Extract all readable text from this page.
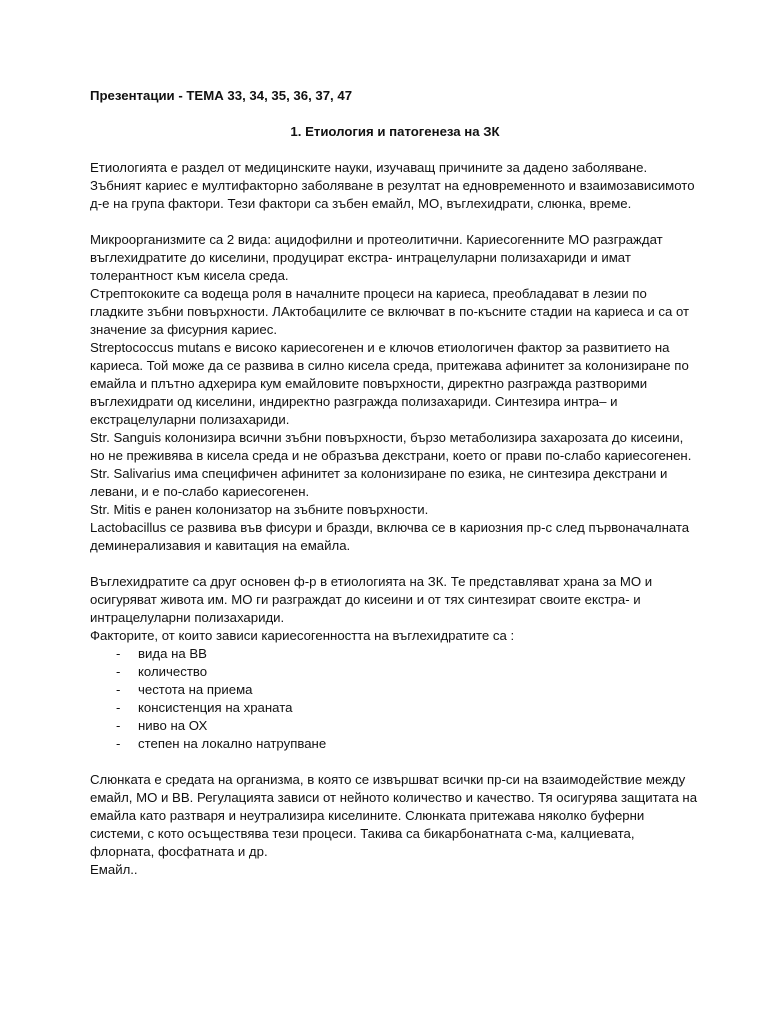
Презентации - ТЕМА 33, 34, 35, 36, 37, 47

1. Етиология и патогенеза на ЗК

Етиологията е раздел от медицинските науки, изучаващ причините за дадено заболяване.

Зъбният кариес е мултифакторно заболяване в резултат на едновременното и взаимозависимото д-е на група фактори. Тези фактори са зъбен емайл, МО, въглехидрати, слюнка, време.

Микроорганизмите са 2 вида: ацидофилни и протеолитични. Кариесогенните МО разграждат въглехидратите до киселини, продуцират екстра- интрацелуларни полизахариди и имат толерантност към кисела среда.

Стрептококите са водеща роля в началните процеси на кариеса, преобладават в лезии по гладките зъбни повърхности. ЛАктобацилите се включват в по-късните стадии на кариеса и са от значение за фисурния кариес.

Streptococcus mutans е високо кариесогенен и е ключов етиологичен фактор за развитието на кариеса. Той може да се развива в силно кисела среда, притежава афинитет за колонизиране по емайла и плътно адхерира кум емайловите повърхности, директно разгражда разтворими въглехидрати од киселини, индиректно разгражда полизахариди. Синтезира интра– и екстрацелуларни полизахариди.

Str. Sanguis колонизира всични зъбни повърхности, бързо метаболизира захарозата до кисеини, но не преживява в кисела среда и не образъва декстрани, което ог прави по-слабо кариесогенен.

Str. Salivarius има специфичен афинитет за колонизиране по езика, не синтезира декстрани и левани, и е по-слабо кариесогенен.

Str. Mitis е ранен колонизатор на зъбните повърхности.

Lactobacillus се развива във фисури и бразди, включва се в кариозния пр-с след първоначалната деминерализавия и кавитация на емайла.

Въглехидратите са друг основен ф-р в етиологията на ЗК. Те представляват храна за МО и осигуряват живота им. МО ги разграждат до кисеини и от тях синтезират своите екстра- и интрацелуларни полизахариди.

Факторите, от които зависи кариесогенността на въглехидратите са :

-	вида на ВВ
-	количество
-	честота на приема
-	консистенция на храната
-	ниво на ОХ
-	степен на локално натрупване

Слюнката е средата на организма, в която се извършват всички пр-си на взаимодействие между емайл, МО и ВВ. Регулацията зависи от нейното количество и качество. Тя осигурява защитата на емайла като разтваря и неутрализира киселините. Слюнката притежава няколко буферни системи, с кото осъществява тези процеси. Такива са бикарбонатната с-ма, калциевата, флорната, фосфатната и др.

Емайл..
